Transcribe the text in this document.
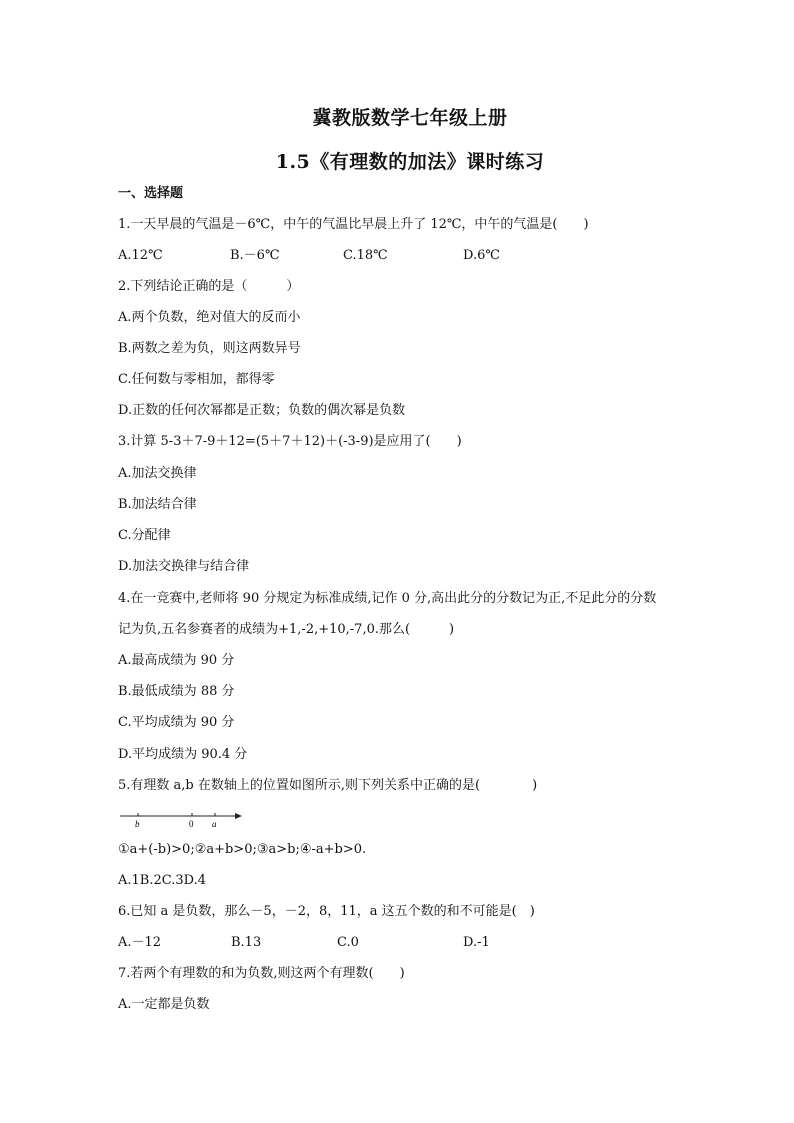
冀教版数学七年级上册
1.5《有理数的加法》课时练习
一、选择题
1.一天早晨的气温是－6℃，中午的气温比早晨上升了 12℃，中午的气温是(　　)
A.12℃	B.－6℃	C.18℃	D.6℃
2.下列结论正确的是（　　　）
A.两个负数，绝对值大的反而小
B.两数之差为负，则这两数异号
C.任何数与零相加，都得零
D.正数的任何次幂都是正数；负数的偶次幂是负数
3.计算 5-3＋7-9＋12=(5＋7＋12)＋(-3-9)是应用了(　　)
A.加法交换律
B.加法结合律
C.分配律
D.加法交换律与结合律
4.在一竞赛中,老师将 90 分规定为标准成绩,记作 0 分,高出此分的分数记为正,不足此分的分数
记为负,五名参赛者的成绩为+1,-2,+10,-7,0.那么(　　　)
A.最高成绩为 90 分
B.最低成绩为 88 分
C.平均成绩为 90 分
D.平均成绩为 90.4 分
5.有理数 a,b 在数轴上的位置如图所示,则下列关系中正确的是(　　　　)
b	0 a
①a+(-b)>0;②a+b>0;③a>b;④-a+b>0.
A.1B.2C.3D.4
6.已知 a 是负数，那么－5，－2，8，11，a 这五个数的和不可能是(　)
A.－12	B.13	C.0	D.-1
7.若两个有理数的和为负数,则这两个有理数(　　)
A.一定都是负数
